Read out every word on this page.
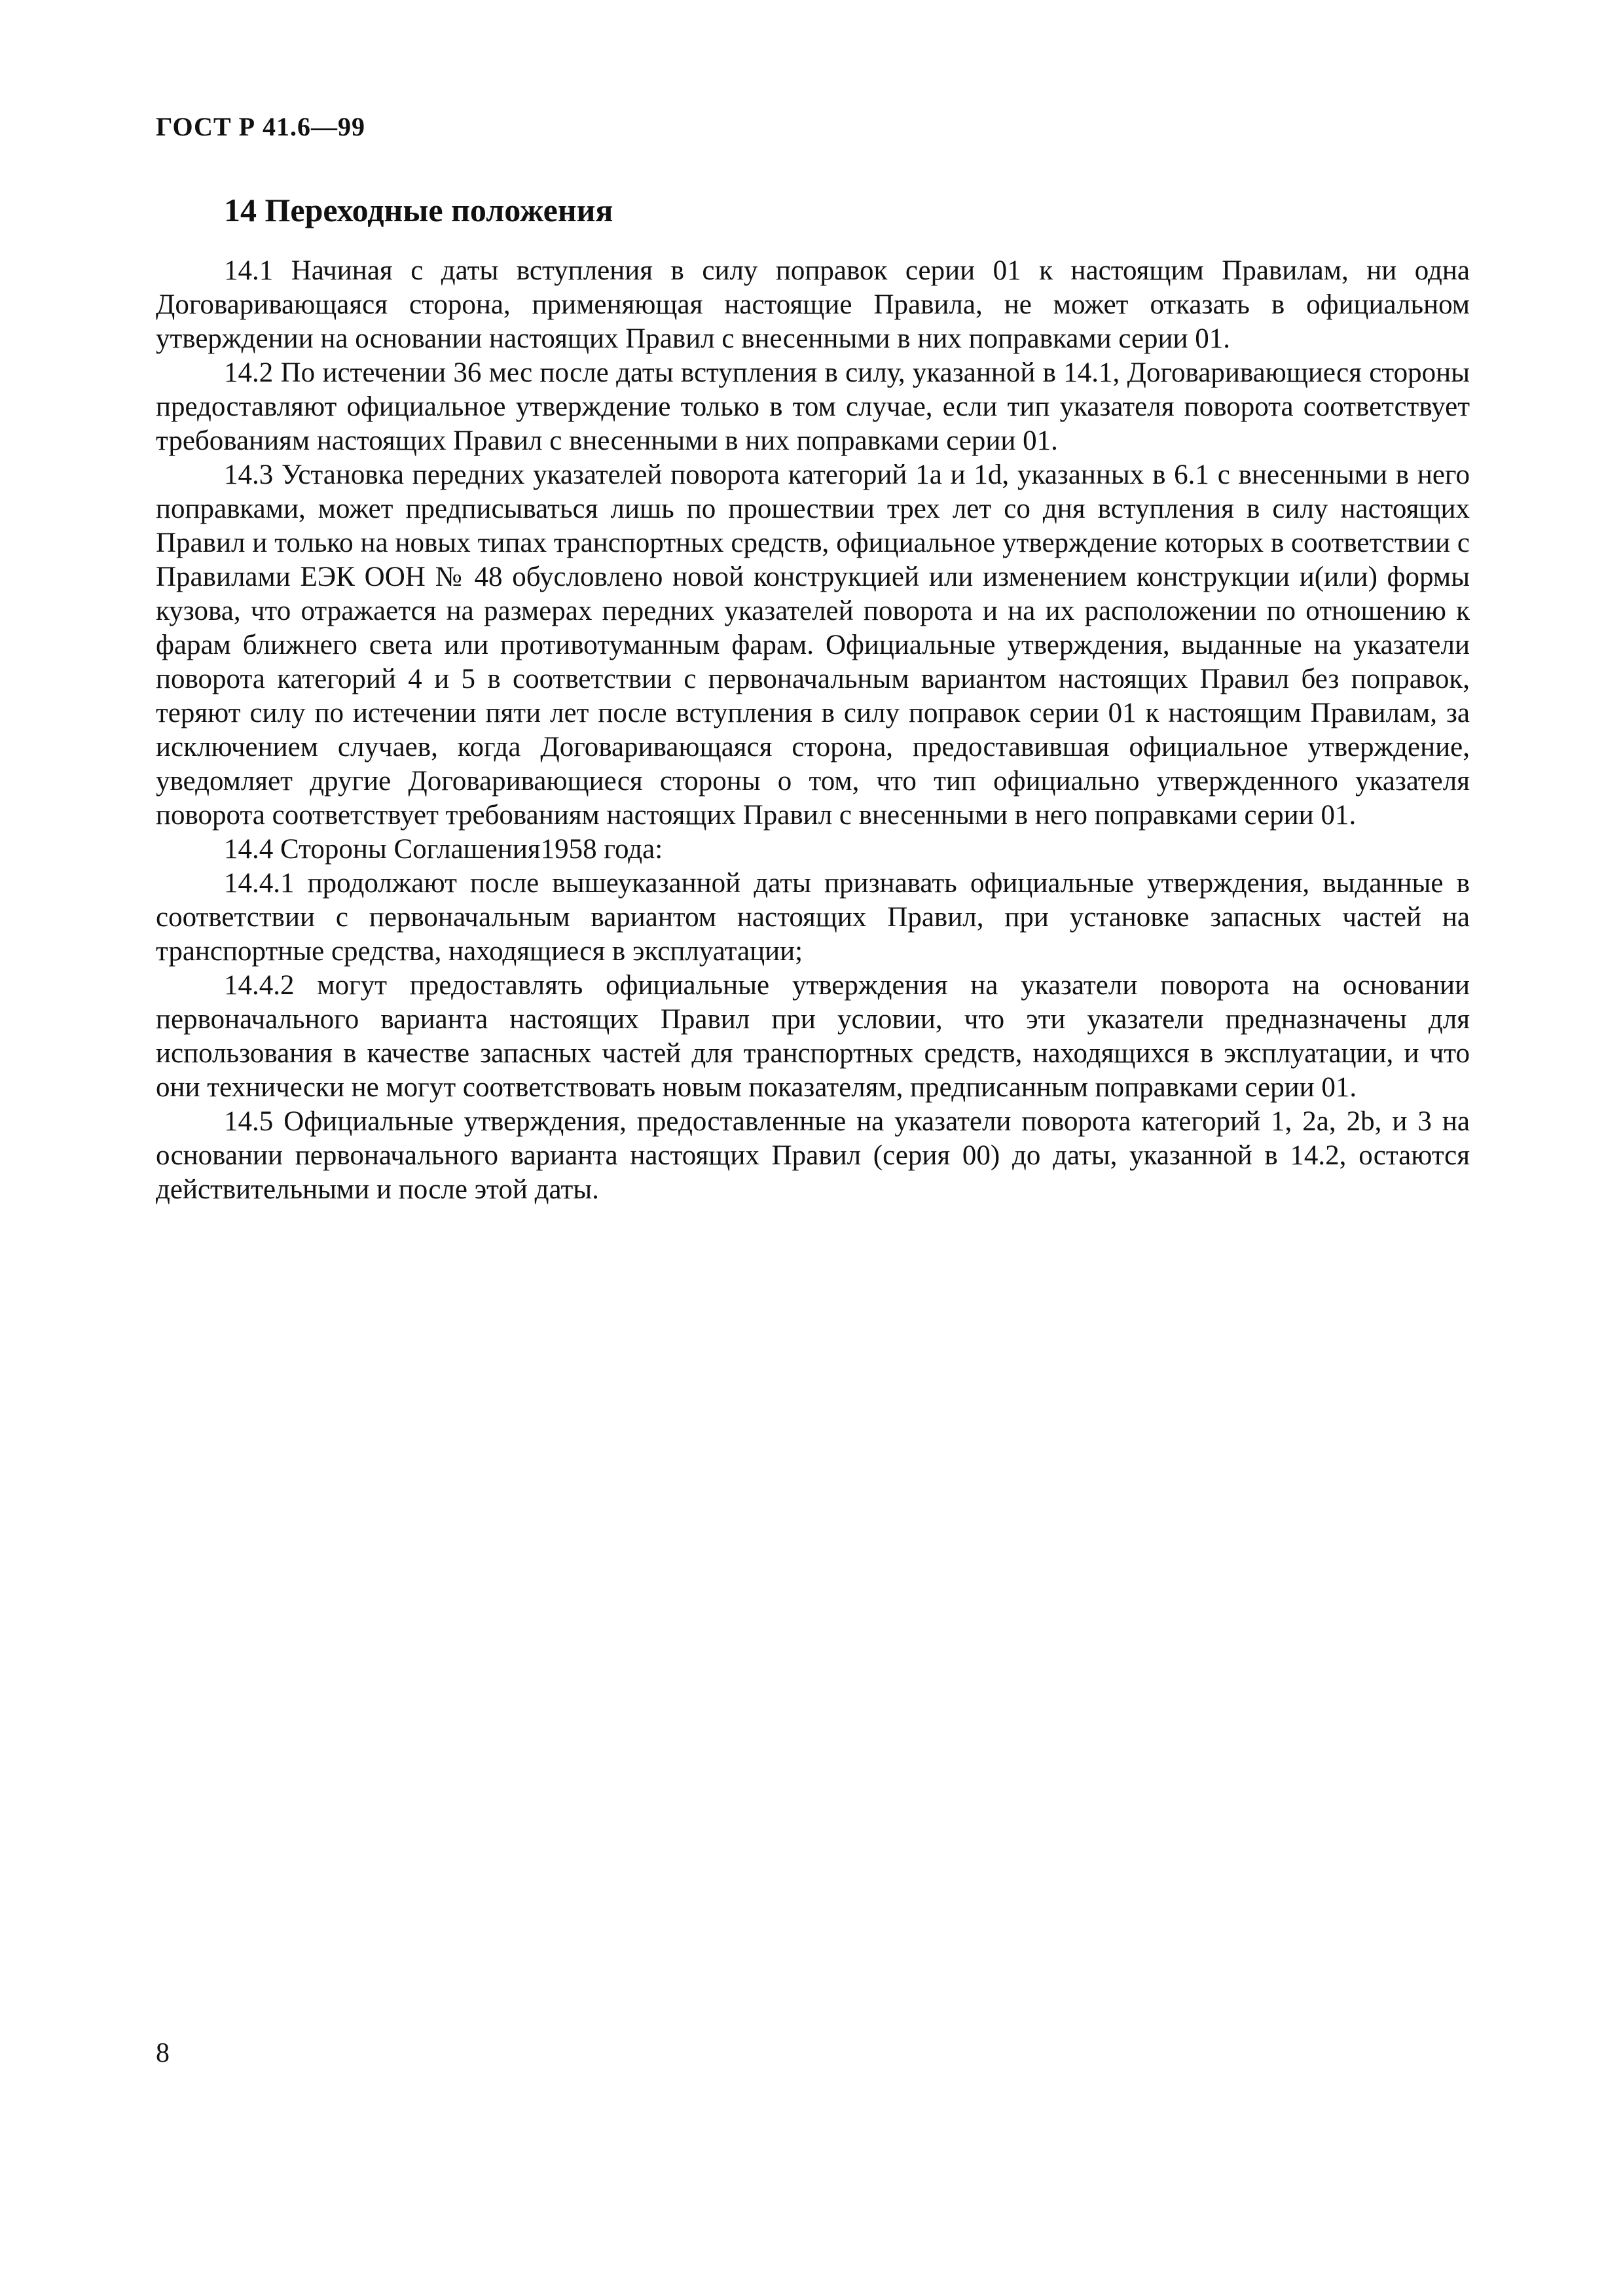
ГОСТ Р 41.6—99

14 Переходные положения

14.1 Начиная с даты вступления в силу поправок серии 01 к настоящим Правилам, ни одна Договаривающаяся сторона, применяющая настоящие Правила, не может отказать в официальном утверждении на основании настоящих Правил с внесенными в них поправками серии 01.

14.2 По истечении 36 мес после даты вступления в силу, указанной в 14.1, Договаривающиеся стороны предоставляют официальное утверждение только в том случае, если тип указателя поворота соответствует требованиям настоящих Правил с внесенными в них поправками серии 01.

14.3 Установка передних указателей поворота категорий 1а и 1d, указанных в 6.1 с внесенными в него поправками, может предписываться лишь по прошествии трех лет со дня вступления в силу настоящих Правил и только на новых типах транспортных средств, официальное утверждение которых в соответствии с Правилами ЕЭК ООН № 48 обусловлено новой конструкцией или изменением конструкции и(или) формы кузова, что отражается на размерах передних указателей поворота и на их расположении по отношению к фарам ближнего света или противотуманным фарам. Официальные утверждения, выданные на указатели поворота категорий 4 и 5 в соответствии с первоначальным вариантом настоящих Правил без поправок, теряют силу по истечении пяти лет после вступления в силу поправок серии 01 к настоящим Правилам, за исключением случаев, когда Договаривающаяся сторона, предоставившая официальное утверждение, уведомляет другие Договаривающиеся стороны о том, что тип официально утвержденного указателя поворота соответствует требованиям настоящих Правил с внесенными в него поправками серии 01.

14.4 Стороны Соглашения1958 года:

14.4.1 продолжают после вышеуказанной даты признавать официальные утверждения, выданные в соответствии с первоначальным вариантом настоящих Правил, при установке запасных частей на транспортные средства, находящиеся в эксплуатации;

14.4.2 могут предоставлять официальные утверждения на указатели поворота на основании первоначального варианта настоящих Правил при условии, что эти указатели предназначены для использования в качестве запасных частей для транспортных средств, находящихся в эксплуатации, и что они технически не могут соответствовать новым показателям, предписанным поправками серии 01.

14.5 Официальные утверждения, предоставленные на указатели поворота категорий 1, 2а, 2b, и 3 на основании первоначального варианта настоящих Правил (серия 00) до даты, указанной в 14.2, остаются действительными и после этой даты.

8
